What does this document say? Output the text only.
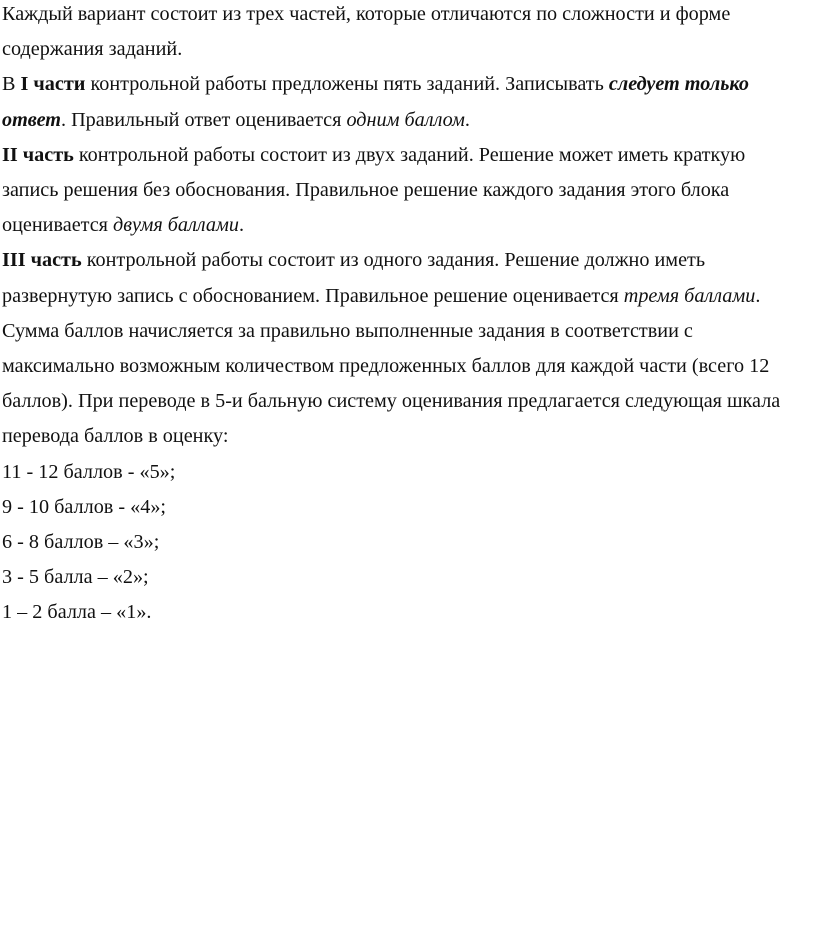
Каждый вариант состоит из трех частей, которые отличаются по сложности и форме содержания заданий.

В I части контрольной работы предложены пять заданий. Записывать следует только ответ. Правильный ответ оценивается одним баллом.

II часть контрольной работы состоит из двух заданий. Решение может иметь краткую запись решения без обоснования. Правильное решение каждого задания этого блока оценивается двумя баллами.

III часть контрольной работы состоит из одного задания. Решение должно иметь развернутую запись с обоснованием. Правильное решение оценивается тремя баллами.

Сумма баллов начисляется за правильно выполненные задания в соответствии с максимально возможным количеством предложенных баллов для каждой части (всего 12 баллов). При переводе в 5-и бальную систему оценивания предлагается следующая шкала перевода баллов в оценку:

11 - 12 баллов - «5»;

9 - 10 баллов - «4»;

6 - 8 баллов – «3»;

3 - 5 балла – «2»;

1 – 2 балла – «1».
